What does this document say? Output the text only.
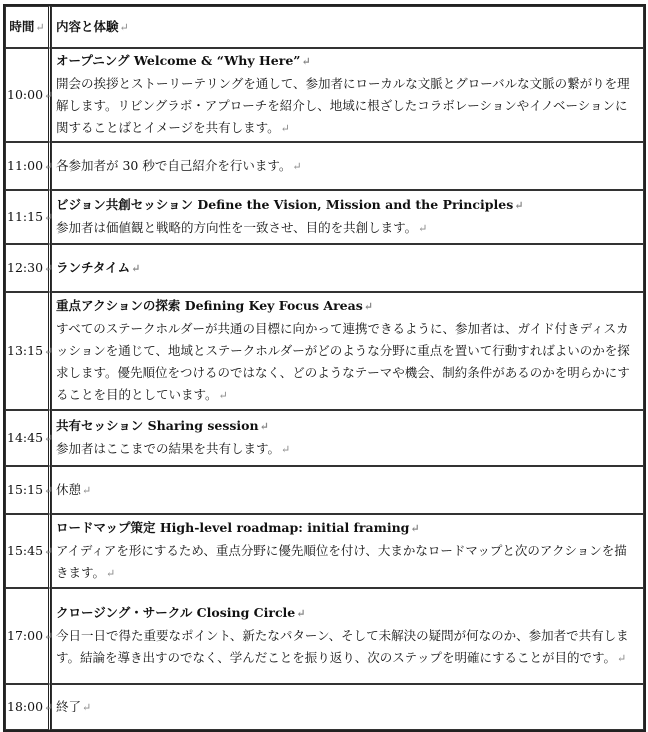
時間↵	内容と体験↵
10:00↵	オープニング Welcome & “Why Here”↵
開会の挨拶とストーリーテリングを通して、参加者にローカルな文脈とグローバルな文脈の繋がりを理解します。リビングラボ・アプローチを紹介し、地域に根ざしたコラボレーションやイノベーションに関することばとイメージを共有します。↵

11:00↵	各参加者が 30 秒で自己紹介を行います。↵

11:15↵	ビジョン共創セッション Define the Vision, Mission and the Principles↵
参加者は価値観と戦略的方向性を一致させ、目的を共創します。↵

12:30↵	ランチタイム↵

13:15↵	重点アクションの探索 Defining Key Focus Areas↵
すべてのステークホルダーが共通の目標に向かって連携できるように、参加者は、ガイド付きディスカッションを通じて、地域とステークホルダーがどのような分野に重点を置いて行動すればよいのかを探求します。優先順位をつけるのではなく、どのようなテーマや機会、制約条件があるのかを明らかにすることを目的としています。↵

14:45↵	共有セッション Sharing session↵
参加者はここまでの結果を共有します。↵

15:15↵	休憩↵

15:45↵	ロードマップ策定 High-level roadmap: initial framing↵
アイディアを形にするため、重点分野に優先順位を付け、大まかなロードマップと次のアクションを描きます。↵

17:00↵	クロージング・サークル Closing Circle↵
今日一日で得た重要なポイント、新たなパターン、そして未解決の疑問が何なのか、参加者で共有します。結論を導き出すのでなく、学んだことを振り返り、次のステップを明確にすることが目的です。↵

18:00↵	終了↵
